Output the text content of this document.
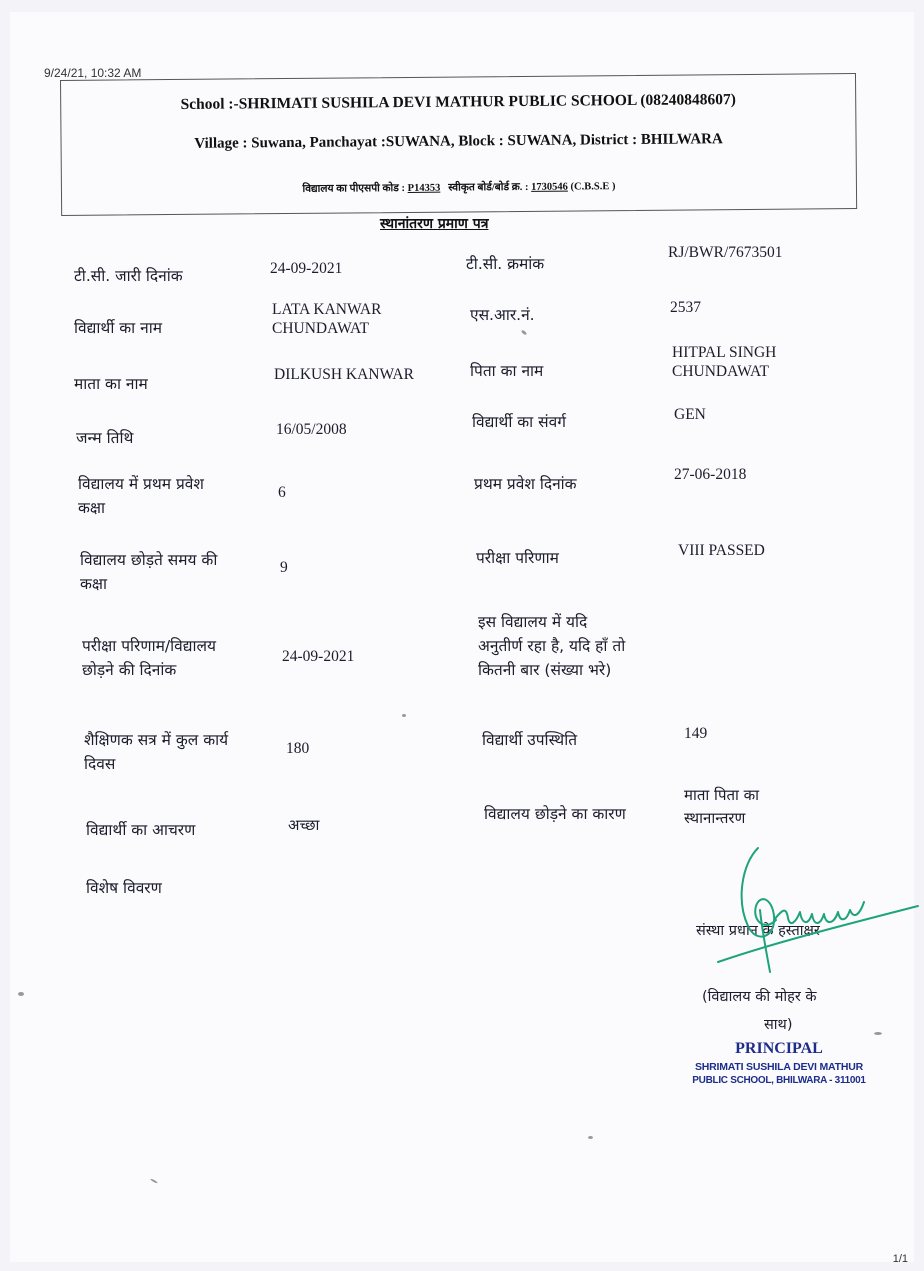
9/24/21, 10:32 AM
School :-SHRIMATI SUSHILA DEVI MATHUR PUBLIC SCHOOL (08240848607)
Village : Suwana, Panchayat :SUWANA, Block : SUWANA, District : BHILWARA
विद्यालय का पीएसपी कोड : P14353 स्वीकृत बोर्ड/बोर्ड क्र. : 1730546 (C.B.S.E )
स्थानांतरण प्रमाण पत्र
टी.सी. जारी दिनांक
विद्यार्थी का नाम
माता का नाम
जन्म तिथि
विद्यालय में प्रथम प्रवेश
कक्षा
विद्यालय छोड़ते समय की
कक्षा
परीक्षा परिणाम/विद्यालय
छोड़ने की दिनांक
शैक्षिणक सत्र में कुल कार्य
दिवस
विद्यार्थी का आचरण
विशेष विवरण
24-09-2021
LATA KANWAR
CHUNDAWAT
DILKUSH KANWAR
16/05/2008
6
9
24-09-2021
180
अच्छा
टी.सी. क्रमांक
एस.आर.नं.
पिता का नाम
विद्यार्थी का संवर्ग
प्रथम प्रवेश दिनांक
परीक्षा परिणाम
इस विद्यालय में यदि
अनुतीर्ण रहा है, यदि हाँ तो
कितनी बार (संख्या भरे)
विद्यार्थी उपस्थिति
विद्यालय छोड़ने का कारण
RJ/BWR/7673501
2537
HITPAL SINGH
CHUNDAWAT
GEN
27-06-2018
VIII PASSED
149
माता पिता का
स्थानान्तरण
संस्था प्रधान के हस्ताक्षर
(विद्यालय की मोहर के
साथ)
PRINCIPAL
SHRIMATI SUSHILA DEVI MATHUR
PUBLIC SCHOOL, BHILWARA - 311001
1/1
